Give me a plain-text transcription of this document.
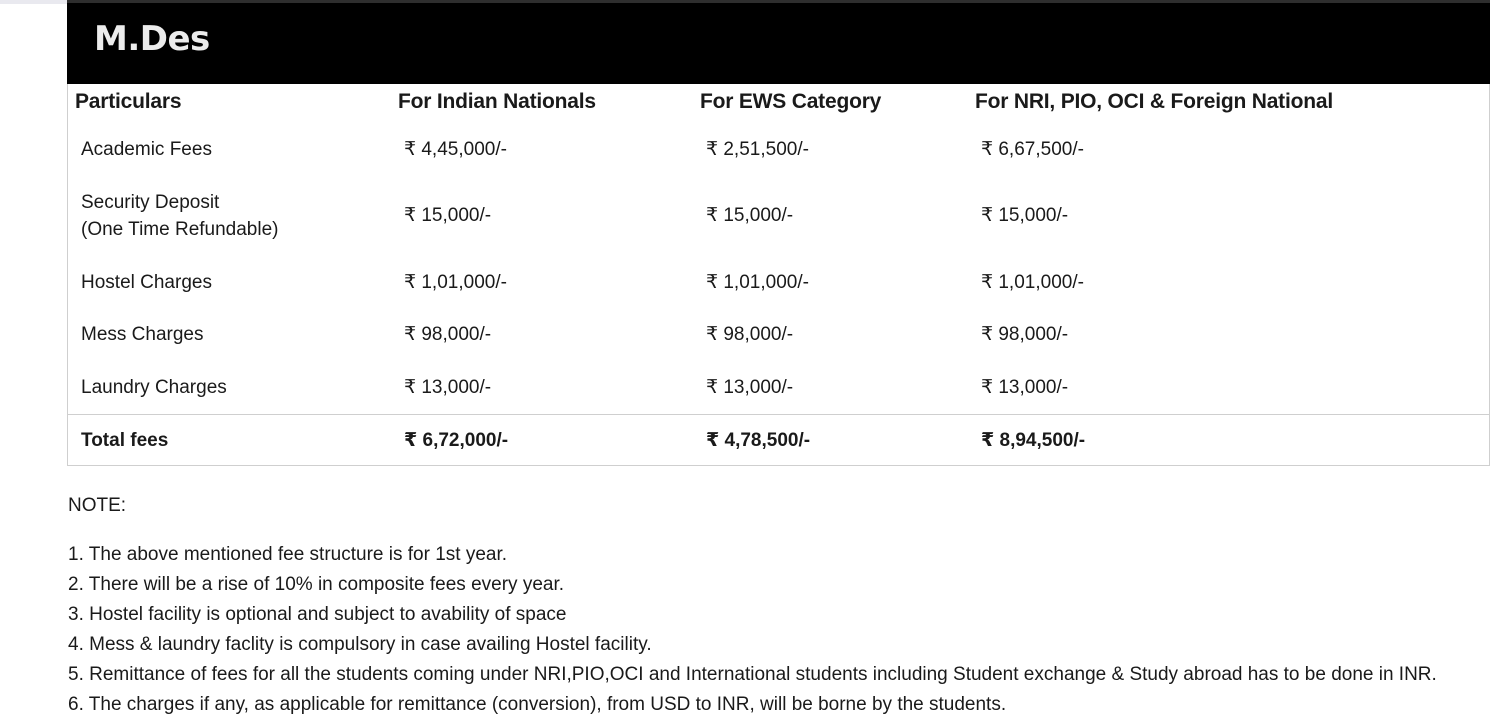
M.Des
Particulars	For Indian Nationals	For EWS Category	For NRI, PIO, OCI & Foreign National
Academic Fees	₹ 4,45,000/-	₹ 2,51,500/-	₹ 6,67,500/-
Security Deposit
(One Time Refundable)
₹ 15,000/-	₹ 15,000/-	₹ 15,000/-
Hostel Charges	₹ 1,01,000/-	₹ 1,01,000/-	₹ 1,01,000/-
Mess Charges	₹ 98,000/-	₹ 98,000/-	₹ 98,000/-
Laundry Charges	₹ 13,000/-	₹ 13,000/-	₹ 13,000/-
Total fees	₹ 6,72,000/-	₹ 4,78,500/-	₹ 8,94,500/-
NOTE:
1. The above mentioned fee structure is for 1st year.
2. There will be a rise of 10% in composite fees every year.
3. Hostel facility is optional and subject to avability of space
4. Mess & laundry faclity is compulsory in case availing Hostel facility.
5. Remittance of fees for all the students coming under NRI,PIO,OCI and International students including Student exchange & Study abroad has to be done in INR.
6. The charges if any, as applicable for remittance (conversion), from USD to INR, will be borne by the students.
